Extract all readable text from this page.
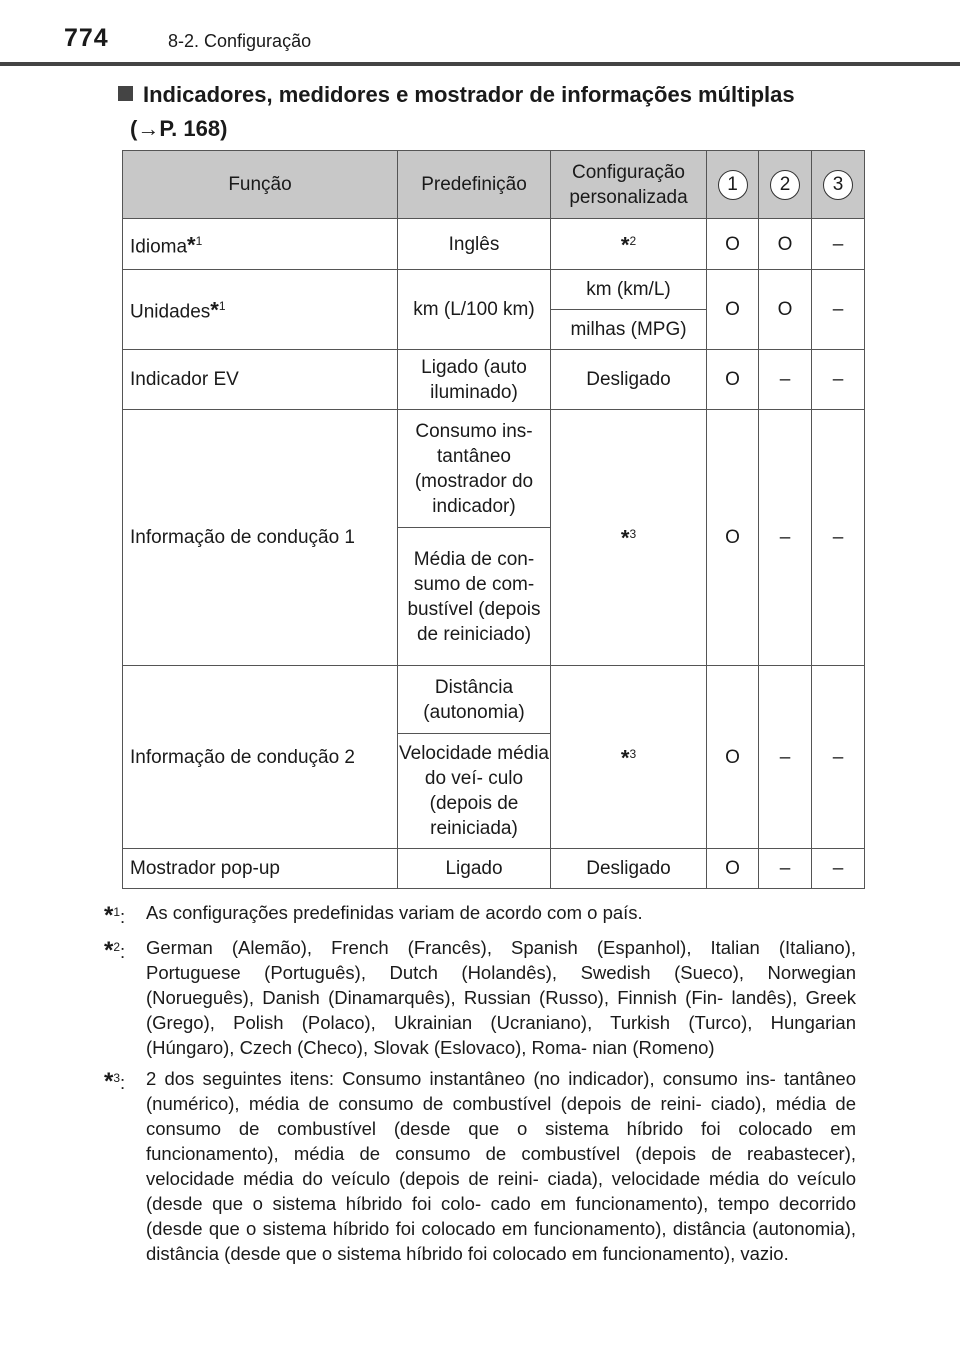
774	8-2. Configuração
Indicadores, medidores e mostrador de informações múltiplas
(→P. 168)
Função	Predefinição	Configuração personalizada	1	2	3
Idioma*$^1$	Inglês	*$^2$	O	O	–
Unidades*$^1$	km (L/100 km)	km (km/L)	O	O	–
		milhas (MPG)			
Indicador EV	Ligado (auto iluminado)	Desligado	O	–	–
Informação de condução 1	Consumo ins- tantâneo (mostrador do indicador)	*$^3$	O	–	–
	Média de con- sumo de com- bustível (depois de reiniciado)				
Informação de condução 2	Distância (autonomia)	*$^3$	O	–	–
	Velocidade média do veí- culo (depois de reiniciada)				
Mostrador pop-up	Ligado	Desligado	O	–	–
*$^1$:	As configurações predefinidas variam de acordo com o país.
*$^2$:	German (Alemão), French (Francês), Spanish (Espanhol), Italian (Italiano), Portuguese (Português), Dutch (Holandês), Swedish (Sueco), Norwegian (Norueguês), Danish (Dinamarquês), Russian (Russo), Finnish (Fin- landês), Greek (Grego), Polish (Polaco), Ukrainian (Ucraniano), Turkish (Turco), Hungarian (Húngaro), Czech (Checo), Slovak (Eslovaco), Roma- nian (Romeno)
*$^3$:	2 dos seguintes itens: Consumo instantâneo (no indicador), consumo ins- tantâneo (numérico), média de consumo de combustível (depois de reini- ciado), média de consumo de combustível (desde que o sistema híbrido foi colocado em funcionamento), média de consumo de combustível (depois de reabastecer), velocidade média do veículo (depois de reini- ciada), velocidade média do veículo (desde que o sistema híbrido foi colo- cado em funcionamento), tempo decorrido (desde que o sistema híbrido foi colocado em funcionamento), distância (autonomia), distância (desde que o sistema híbrido foi colocado em funcionamento), vazio.
